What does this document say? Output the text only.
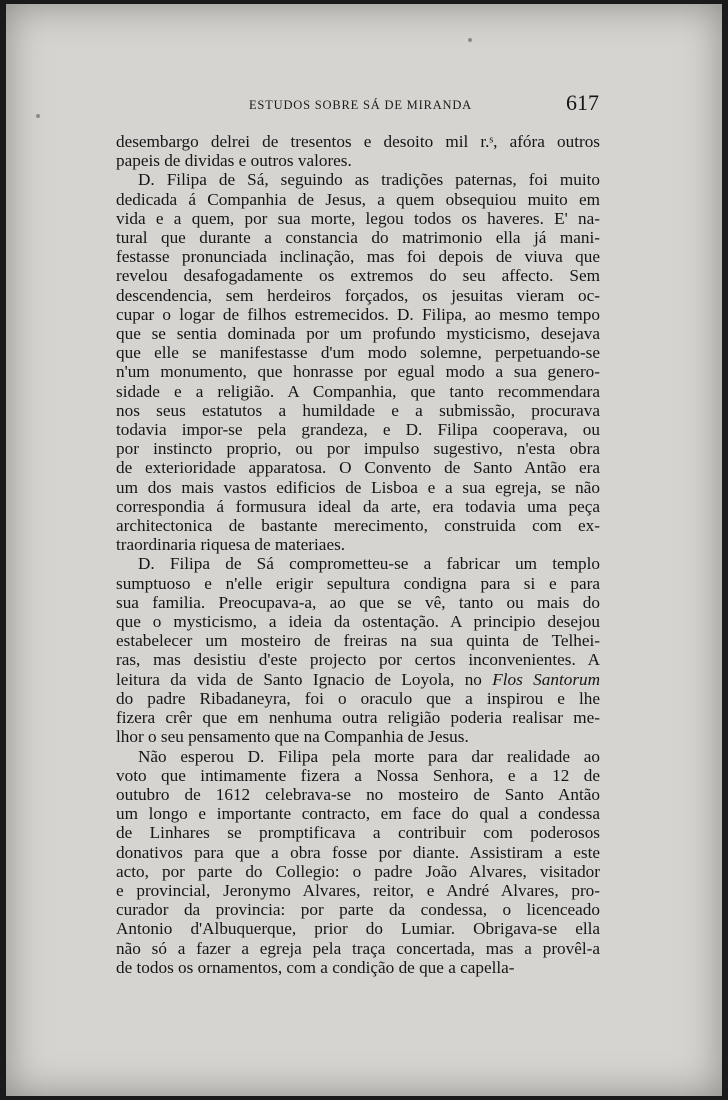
ESTUDOS SOBRE SÁ DE MIRANDA	617
desembargo delrei de tresentos e desoito mil r.ˢ, afóra outros
papeis de dividas e outros valores.
D. Filipa de Sá, seguindo as tradições paternas, foi muito
dedicada á Companhia de Jesus, a quem obsequiou muito em
vida e a quem, por sua morte, legou todos os haveres. E' na-
tural que durante a constancia do matrimonio ella já mani-
festasse pronunciada inclinação, mas foi depois de viuva que
revelou desafogadamente os extremos do seu affecto. Sem
descendencia, sem herdeiros forçados, os jesuitas vieram oc-
cupar o logar de filhos estremecidos. D. Filipa, ao mesmo tempo
que se sentia dominada por um profundo mysticismo, desejava
que elle se manifestasse d'um modo solemne, perpetuando-se
n'um monumento, que honrasse por egual modo a sua genero-
sidade e a religião. A Companhia, que tanto recommendara
nos seus estatutos a humildade e a submissão, procurava
todavia impor-se pela grandeza, e D. Filipa cooperava, ou
por instincto proprio, ou por impulso sugestivo, n'esta obra
de exterioridade apparatosa. O Convento de Santo Antão era
um dos mais vastos edificios de Lisboa e a sua egreja, se não
correspondia á formusura ideal da arte, era todavia uma peça
architectonica de bastante merecimento, construida com ex-
traordinaria riquesa de materiaes.
D. Filipa de Sá comprometteu-se a fabricar um templo
sumptuoso e n'elle erigir sepultura condigna para si e para
sua familia. Preocupava-a, ao que se vê, tanto ou mais do
que o mysticismo, a ideia da ostentação. A principio desejou
estabelecer um mosteiro de freiras na sua quinta de Telhei-
ras, mas desistiu d'este projecto por certos inconvenientes. A
leitura da vida de Santo Ignacio de Loyola, no Flos Santorum
do padre Ribadaneyra, foi o oraculo que a inspirou e lhe
fizera crêr que em nenhuma outra religião poderia realisar me-
lhor o seu pensamento que na Companhia de Jesus.
Não esperou D. Filipa pela morte para dar realidade ao
voto que intimamente fizera a Nossa Senhora, e a 12 de
outubro de 1612 celebrava-se no mosteiro de Santo Antão
um longo e importante contracto, em face do qual a condessa
de Linhares se promptificava a contribuir com poderosos
donativos para que a obra fosse por diante. Assistiram a este
acto, por parte do Collegio: o padre João Alvares, visitador
e provincial, Jeronymo Alvares, reitor, e André Alvares, pro-
curador da provincia: por parte da condessa, o licenceado
Antonio d'Albuquerque, prior do Lumiar. Obrigava-se ella
não só a fazer a egreja pela traça concertada, mas a provêl-a
de todos os ornamentos, com a condição de que a capella-
